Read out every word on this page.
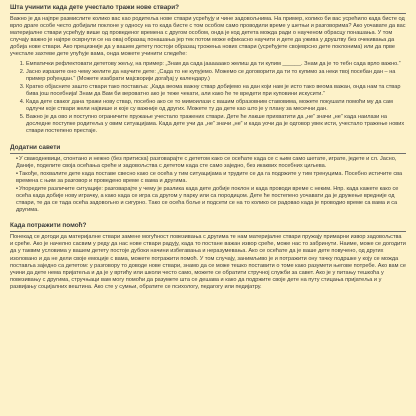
Шта учинити када дете учестало тражи нове ствари?

Важно је да најпре размислите колико вас као родитеља нове ствари усрећују и чине задовољнима. На пример, колико би вас усрећило када бисте од врло драге особе често добијали поклоне у односу на то када бисте с том особом само проводили време у шетњи и разговорима? Ако уочавате да вас материјалне ствари усрећују више од проведеног времена с другом особом, онда је код детета можда ради о научeном обрасцу понашања. У том случају важно је најпре осврнути се на овај образац понашања јер тек потом може ефикасно научити и дете да уживa у друштву без очекивања да добија нове ствари. Ако прецизније да у вашем детету постоји образац трожења нових ствари (усрећујете својеврсно дете поклонима) или да прве учестале захтеве дете упућује вама, онда можете учинити следеће:

1. Емпатички рефлектовати дететову жељу, на пример: „Знам да сада јаааааако желиш да ти купим ______. Знам да је то тебн сада врло важно.“
2. Јасно изразите оно чему желите да научите дете: „Сада то не купујемо. Можемо се договорити да ти то купимо за неки твој посебан дан – на пример рођендан.“ (Можете изабрати мајсворији догађај у календару.)
3. Кратко објасните зашто ствари тако поставља: „Када веома важну ствар добијемо на дан који нам је исто тако веома важан, онда нам та ствар бива још посебнија! Знам да Вам би вероватно ако је теже чекати, али како ће те вредети при куповини искусити.“
4. Када дете сваког дана тражи нову ствар, посебно ако се то мимоилази с вашим образовним ставовима, можете покушати помоћи му да сам одлучи које ствари жели највише и које су важније од других. Можете ту да дете као што је у плану за месечни дан.
5. Важно је да ово и поступно ограничите пружање учестало тражених ствари. Дете ће лакше прихватити да „не“ значи „не“ када наилази на доследне поступке родитеља у овим ситуацијама. Када дете учи да „не“ значи „не“ и када уочи да је одговор увек исти, учестало тражење нових ствари постепено престаје.
Додатни савети
•У свакодневици, спонтано и нежно (без притиска) разговарајте с дететом како се осећате када се с њим само шетате, играте, једете и сл. Јасно, Даније, поделите своја осећања среће и задовољства с дететом када сте само заједно, без икаквих посебних циљева.
•Такође, похвалите дете када поставе свесно како се осећа у тим ситуацијама и трудите се да га подржите у тим тренуцима. Посебно истичите сва времена с њим за разговор и проведено време с вама и другима.
•Упоредите различите ситуације: разговарајте у чему је разлика када дете добије поклон и када проводи време с неким. Нпр. када кажете како се осећа када добије нову играчку, а како када се игра са другом у парку или са породицом. Дете ће постепено уочавати да је дружење вредније од ствари, те да се тада осећа задовољно и сигурно. Тако се осећа боље и подсети се на то колико се радовао када је проводио време са вама и са другима.
Када потражити помоћ?

Понекад се догоди да материјалне ствари замене могућност повезивања с другима те нам материјалне ствари пружају примарни извор задовољства и среће. Ако је начелно сасвим у реду да нас нове ствари радују, када то постане важан извор среће, може нас то забринути. Наиме, може се догодити да у таквим условима у вашем детету постоје дубоки начини избегавања и неразумевања. Ако се осећате да је ваше дете повучено, од других изоловано и да не дели своје емоције с вама, можете потражити помоћ. У том случају, занимљиво је и потражити ону тачку подршке у коју се можда поставља заједно са дететом: у разговору то доводе нове ствари, знамо да се може тешко поставити о томе како разумети његове потребе. Ако вам се учини да дете нема пријатеља и да је у вртићу или школи често само, можете се обратити стручној служби за савет. Ако је у питању тешкоћа у повезивању с другима, стручњаци вам могу помоћи да разумете шта се дешава и како да подржите своје дете на путу стицања пријатеља и у развијању социјалних вештина. Ако сте у сумњи, обратите се психологу, педагогу или педијатру.
